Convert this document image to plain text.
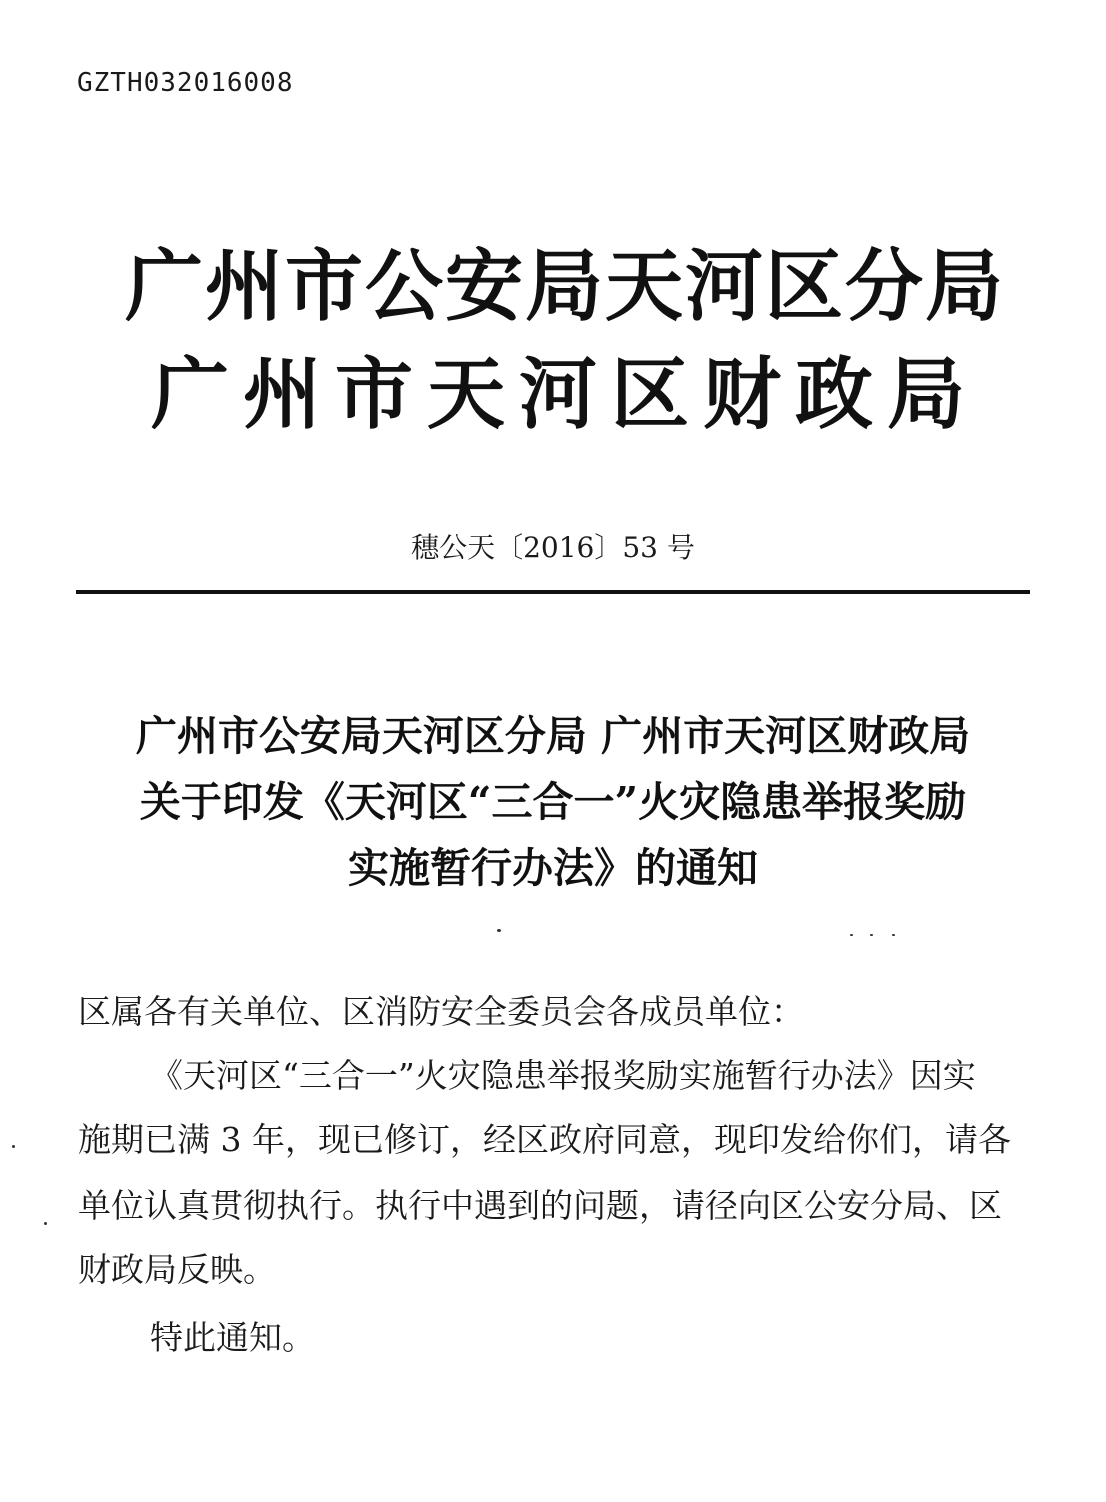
GZTH032016008
广州市公安局天河区分局
广州市天河区财政局
穗公天〔2016〕53 号
广州市公安局天河区分局 广州市天河区财政局
关于印发《天河区“三合一”火灾隐患举报奖励
实施暂行办法》的通知
区属各有关单位、区消防安全委员会各成员单位：
《天河区“三合一”火灾隐患举报奖励实施暂行办法》因实
施期已满 3 年，现已修订，经区政府同意，现印发给你们，请各
单位认真贯彻执行。执行中遇到的问题，请径向区公安分局、区
财政局反映。
特此通知。
